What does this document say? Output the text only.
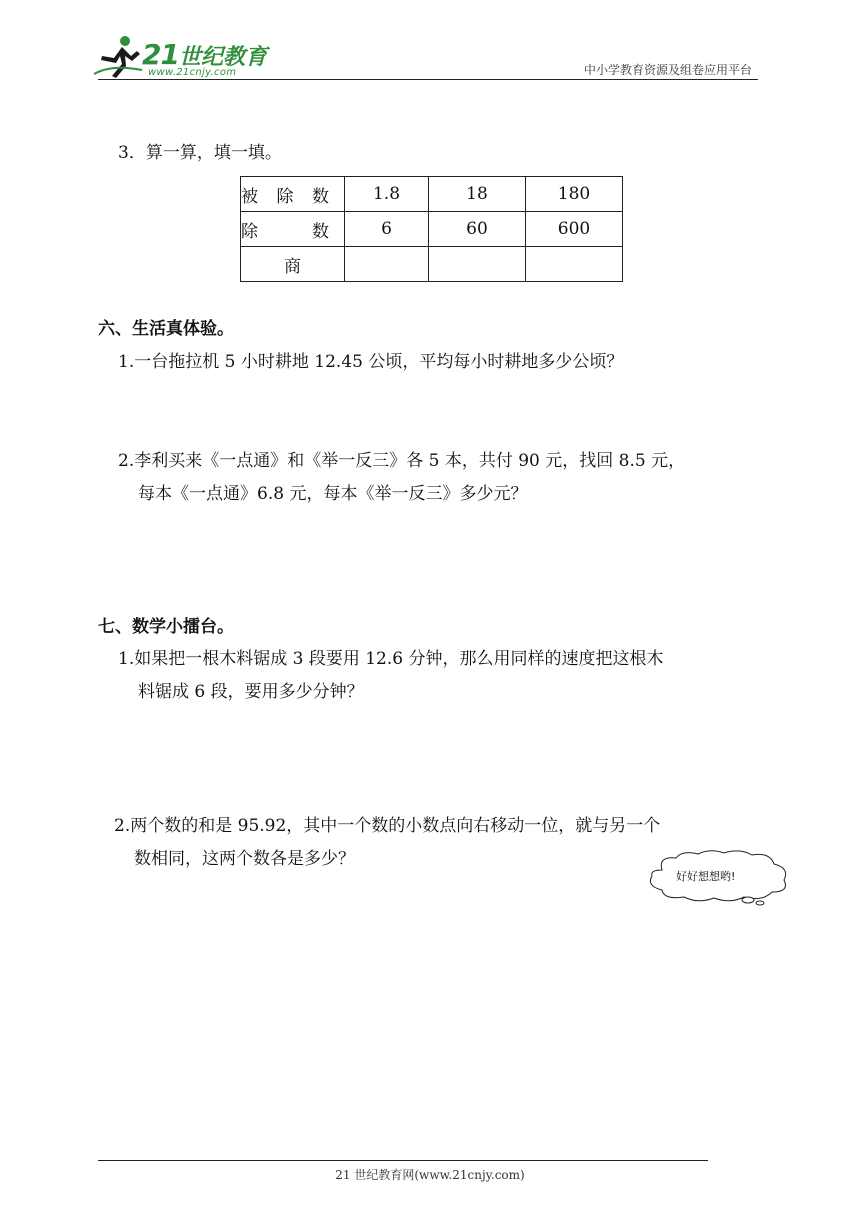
21世纪教育
www.21cnjy.com	中小学教育资源及组卷应用平台
3．算一算，填一填。
被 除 数	1.8	18	180

除 数	6	60	600
商			
六、生活真体验。
1.一台拖拉机 5 小时耕地 12.45 公顷，平均每小时耕地多少公顷？
2.李利买来《一点通》和《举一反三》各 5 本，共付 90 元，找回 8.5 元，
每本《一点通》6.8 元，每本《举一反三》多少元？
七、数学小擂台。
1.如果把一根木料锯成 3 段要用 12.6 分钟，那么用同样的速度把这根木
料锯成 6 段，要用多少分钟？
2.两个数的和是 95.92，其中一个数的小数点向右移动一位，就与另一个
数相同，这两个数各是多少？
好好想想哟!
21 世纪教育网(www.21cnjy.com)
